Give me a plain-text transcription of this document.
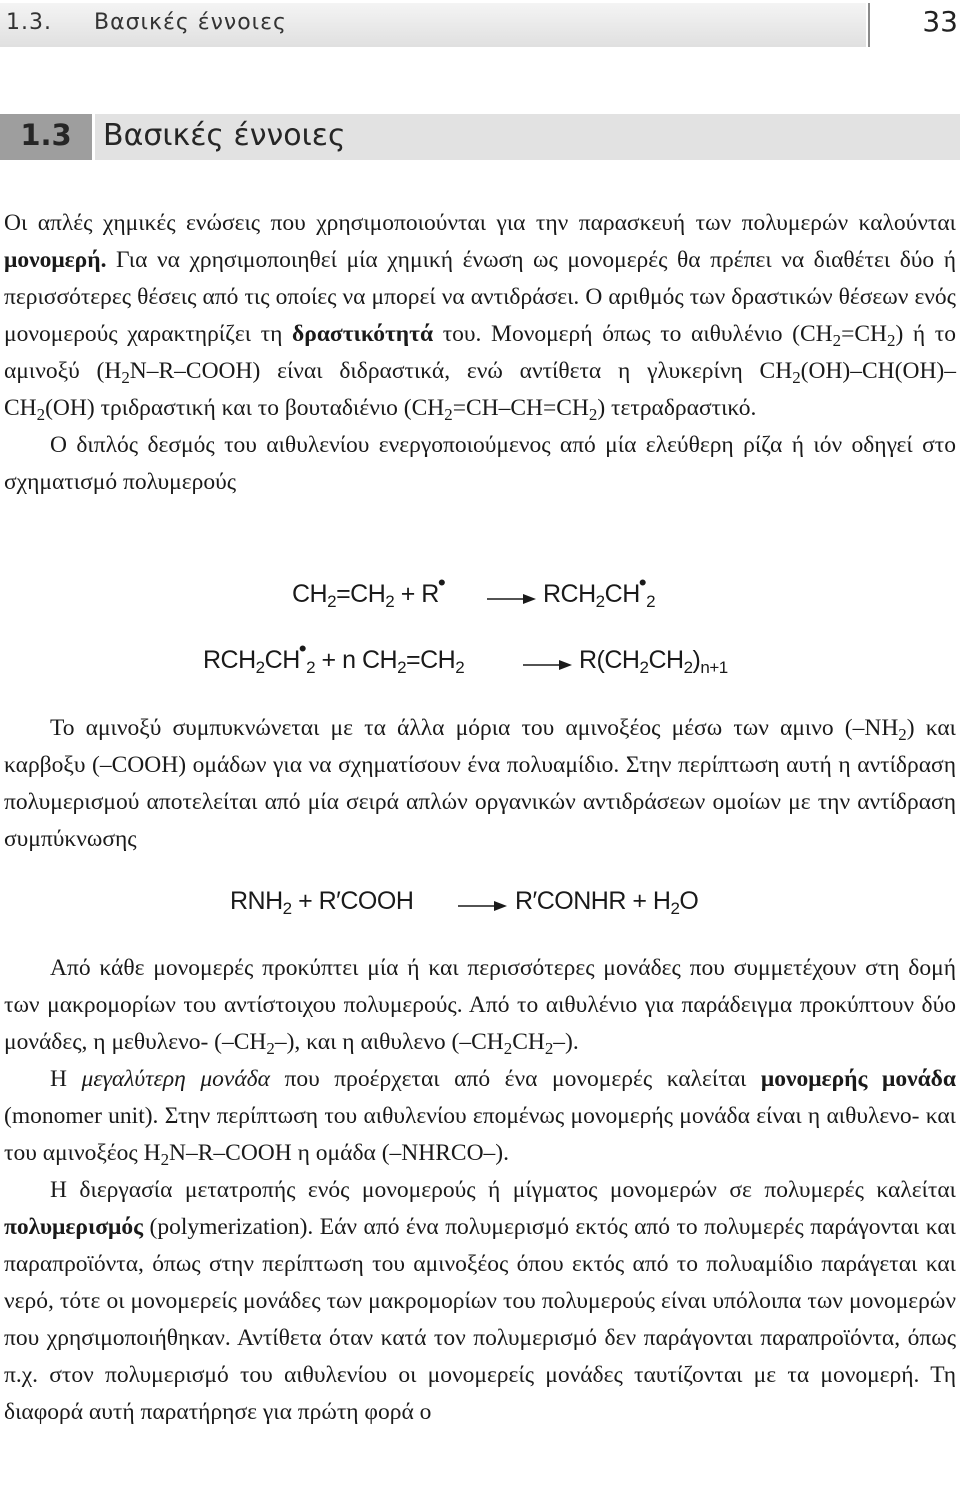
1.3. Βασικές έννοιες	33
1.3	Βασικές έννοιες

Οι απλές χημικές ενώσεις που χρησιμοποιούνται για την παρασκευή των πολυμερών καλούνται μονομερή. Για να χρησιμοποιηθεί μία χημική ένωση ως μονομερές θα πρέπει να διαθέτει δύο ή περισσότερες θέσεις από τις οποίες να μπορεί να αντιδράσει. Ο αριθμός των δραστικών θέσεων ενός μονομερούς χαρακτηρίζει τη δραστικότητά του. Μονομερή όπως το αιθυλένιο $(CH_2=CH_2)$ ή το αμινοξύ $(H_2N-R-COOH)$ είναι διδραστικά, ενώ αντίθετα η γλυκερίνη $CH_2(OH)-CH(OH)-CH_2(OH)$ τριδραστική και το βουταδιένιο $(CH_2=CH-CH=CH_2)$ τετραδραστικό.

Ο διπλός δεσμός του αιθυλενίου ενεργοποιούμενος από μία ελεύθερη ρίζα ή ιόν οδηγεί στο σχηματισμό πολυμερούς

$CH_2=CH_2$ + R• → $RCH_2CH•_2$
$RCH_2CH•_2 + n$ $CH_2=CH_2$	→ $R(CH_2CH_2)_{n+1}$

Το αμινοξύ συμπυκνώνεται με τα άλλα μόρια του αμινοξέος μέσω των αμινο $(-NH_2)$ και καρβοξυ (–COOH) ομάδων για να σχηματίσουν ένα πολυαμίδιο. Στην περίπτωση αυτή η αντίδραση πολυμερισμού αποτελείται από μία σειρά απλών οργανικών αντιδράσεων ομοίων με την αντίδραση συμπύκνωσης

$RNH_2$ + R′COOH	→ R′CONHR + $H_2O$

Από κάθε μονομερές προκύπτει μία ή και περισσότερες μονάδες που συμμετέχουν στη δομή των μακρομορίων του αντίστοιχου πολυμερούς. Από το αιθυλένιο για παράδειγμα προκύπτουν δύο μονάδες, η μεθυλενο- $(-CH_2-)$, και η αιθυλενο $(-CH_2CH_2-)$.

Η μεγαλύτερη μονάδα που προέρχεται από ένα μονομερές καλείται μονομερής μονάδα (monomer unit). Στην περίπτωση του αιθυλενίου επομένως μονομερής μονάδα είναι η αιθυλενο- και του αμινοξέος $H_2N-R$–COOH η ομάδα (–NHRCO–).

Η διεργασία μετατροπής ενός μονομερούς ή μίγματος μονομερών σε πολυμερές καλείται πολυμερισμός (polymerization). Εάν από ένα πολυμερισμό εκτός από το πολυμερές παράγονται και παραπροϊόντα, όπως στην περίπτωση του αμινοξέος όπου εκτός από το πολυαμίδιο παράγεται και νερό, τότε οι μονομερείς μονάδες των μακρομορίων του πολυμερούς είναι υπόλοιπα των μονομερών που χρησιμοποιήθηκαν. Αντίθετα όταν κατά τον πολυμερισμό δεν παράγονται παραπροϊόντα, όπως π.χ. στον πολυμερισμό του αιθυλενίου οι μονομερείς μονάδες ταυτίζονται με τα μονομερή. Τη διαφορά αυτή παρατήρησε για πρώτη φορά ο
